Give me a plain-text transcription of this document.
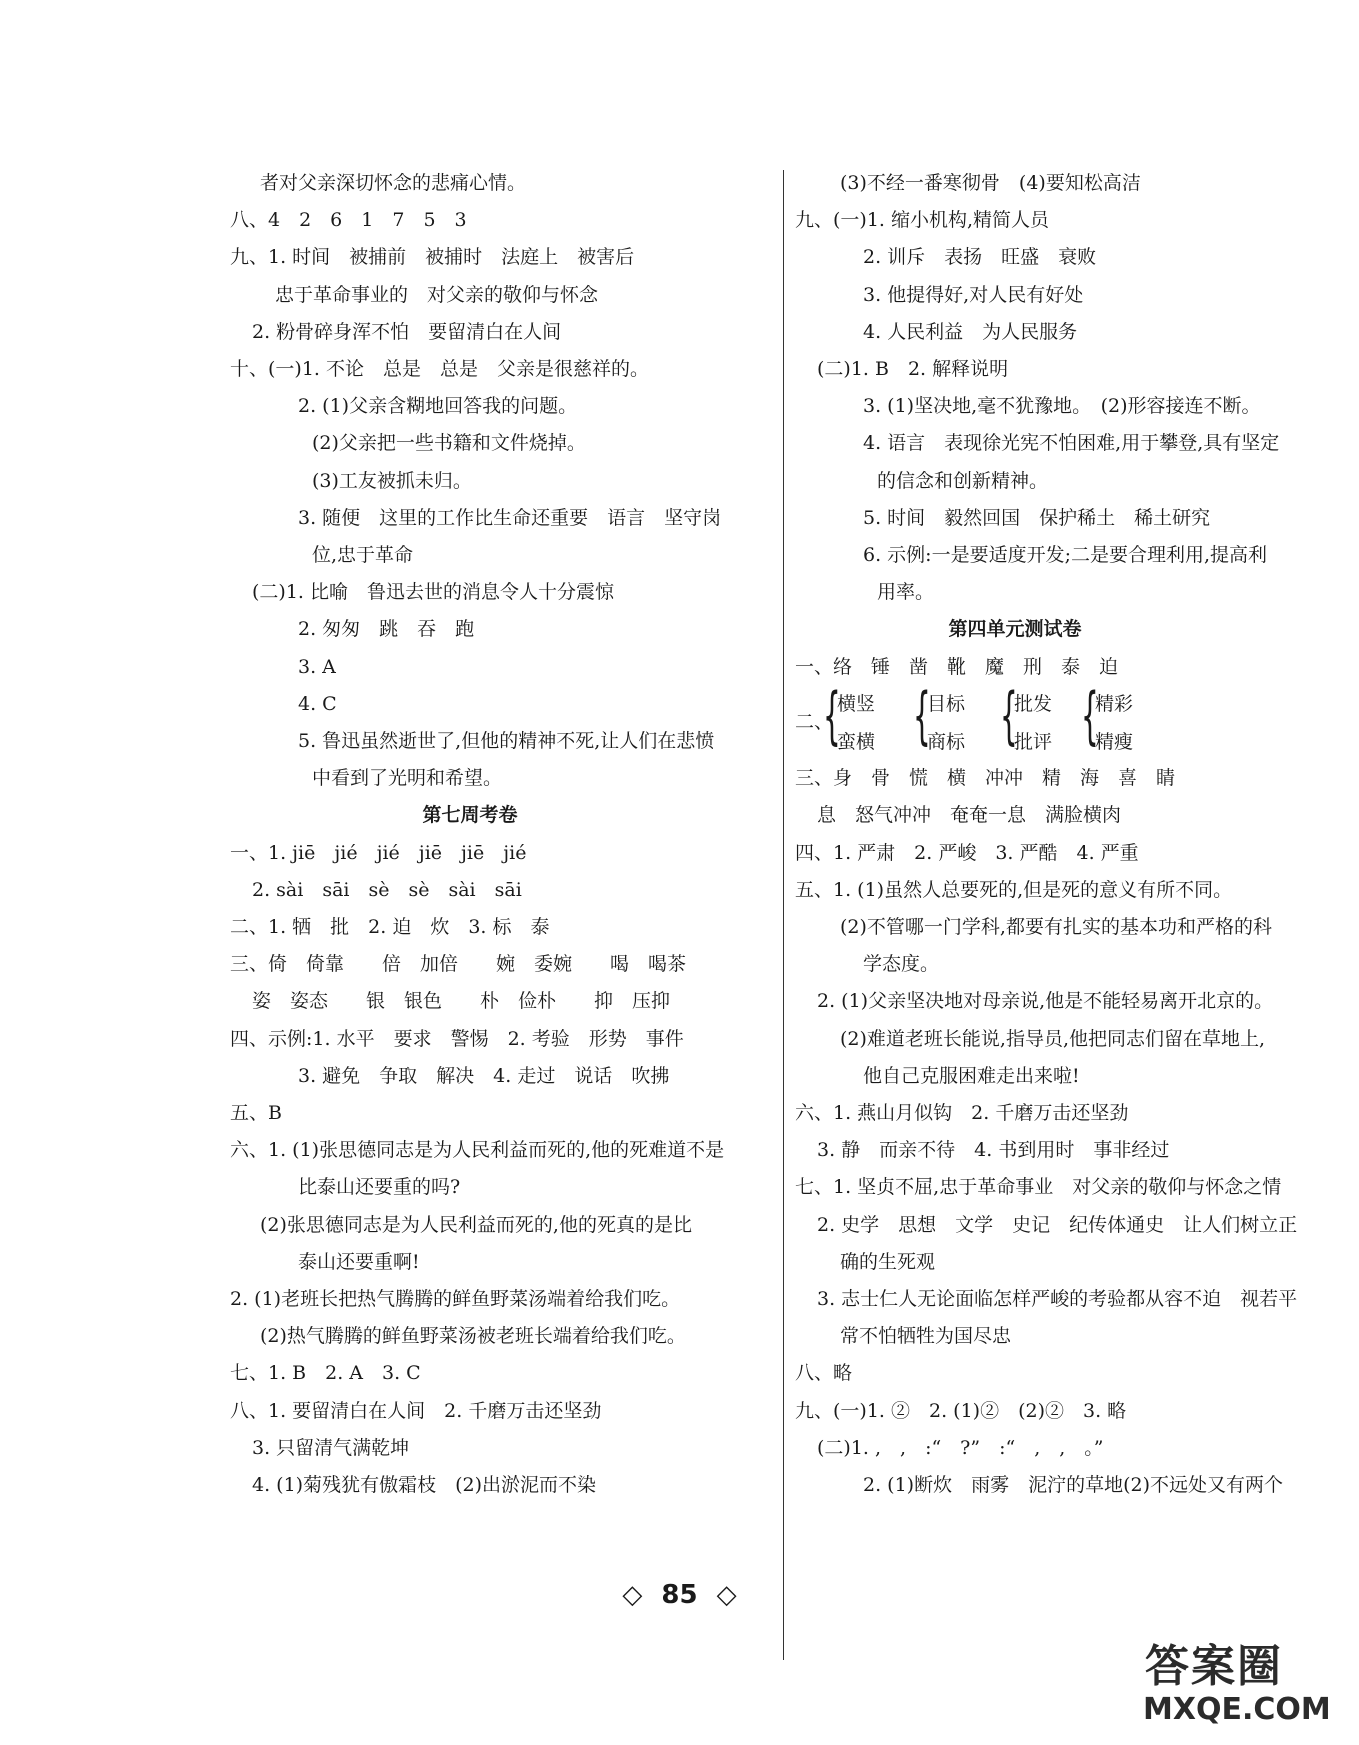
者对父亲深切怀念的悲痛心情。
八、4　2　6　1　7　5　3
九、1. 时间　被捕前　被捕时　法庭上　被害后
忠于革命事业的　对父亲的敬仰与怀念
2. 粉骨碎身浑不怕　要留清白在人间
十、(一)1. 不论　总是　总是　父亲是很慈祥的。
2. (1)父亲含糊地回答我的问题。
(2)父亲把一些书籍和文件烧掉。
(3)工友被抓未归。
3. 随便　这里的工作比生命还重要　语言　坚守岗
位,忠于革命
(二)1. 比喻　鲁迅去世的消息令人十分震惊
2. 匆匆　跳　吞　跑
3. A
4. C
5. 鲁迅虽然逝世了,但他的精神不死,让人们在悲愤
中看到了光明和希望。
第七周考卷
一、1. jiē　jié　jié　jiē　jiē　jié
2. sài　sāi　sè　sè　sài　sāi
二、1. 牺　批　2. 迫　炊　3. 标　泰
三、倚　倚靠　　倍　加倍　　婉　委婉　　喝　喝茶
姿　姿态　　银　银色　　朴　俭朴　　抑　压抑
四、示例:1. 水平　要求　警惕　2. 考验　形势　事件
3. 避免　争取　解决　4. 走过　说话　吹拂
五、B
六、1. (1)张思德同志是为人民利益而死的,他的死难道不是
比泰山还要重的吗?
(2)张思德同志是为人民利益而死的,他的死真的是比
泰山还要重啊!
2. (1)老班长把热气腾腾的鲜鱼野菜汤端着给我们吃。
(2)热气腾腾的鲜鱼野菜汤被老班长端着给我们吃。
七、1. B　2. A　3. C
八、1. 要留清白在人间　2. 千磨万击还坚劲
3. 只留清气满乾坤
4. (1)菊残犹有傲霜枝　(2)出淤泥而不染
(3)不经一番寒彻骨　(4)要知松高洁
九、(一)1. 缩小机构,精简人员
2. 训斥　表扬　旺盛　衰败
3. 他提得好,对人民有好处
4. 人民利益　为人民服务
(二)1. B　2. 解释说明
3. (1)坚决地,毫不犹豫地。　(2)形容接连不断。
4. 语言　表现徐光宪不怕困难,用于攀登,具有坚定
的信念和创新精神。
5. 时间　毅然回国　保护稀土　稀土研究
6. 示例:一是要适度开发;二是要合理利用,提高利
用率。
第四单元测试卷
一、络　锤　凿　靴　魔　刑　泰　迫
二、
{
横竖
蛮横 {
目标
商标 {
批发
批评 {
精彩
精瘦
三、身　骨　慌　横　冲冲　精　海　喜　睛
息　怒气冲冲　奄奄一息　满脸横肉
四、1. 严肃　2. 严峻　3. 严酷　4. 严重
五、1. (1)虽然人总要死的,但是死的意义有所不同。
(2)不管哪一门学科,都要有扎实的基本功和严格的科
学态度。
2. (1)父亲坚决地对母亲说,他是不能轻易离开北京的。
(2)难道老班长能说,指导员,他把同志们留在草地上,
他自己克服困难走出来啦!
六、1. 燕山月似钩　2. 千磨万击还坚劲
3. 静　而亲不待　4. 书到用时　事非经过
七、1. 坚贞不屈,忠于革命事业　对父亲的敬仰与怀念之情
2. 史学　思想　文学　史记　纪传体通史　让人们树立正
确的生死观
3. 志士仁人无论面临怎样严峻的考验都从容不迫　视若平
常不怕牺牲为国尽忠
八、略
九、(一)1. ②　2. (1)②　(2)②　3. 略
(二)1. ,　,　:“　?”　:“　,　,　。”
2. (1)断炊　雨雾　泥泞的草地(2)不远处又有两个
◇ 85 ◇
答案圈
MXQE.COM
